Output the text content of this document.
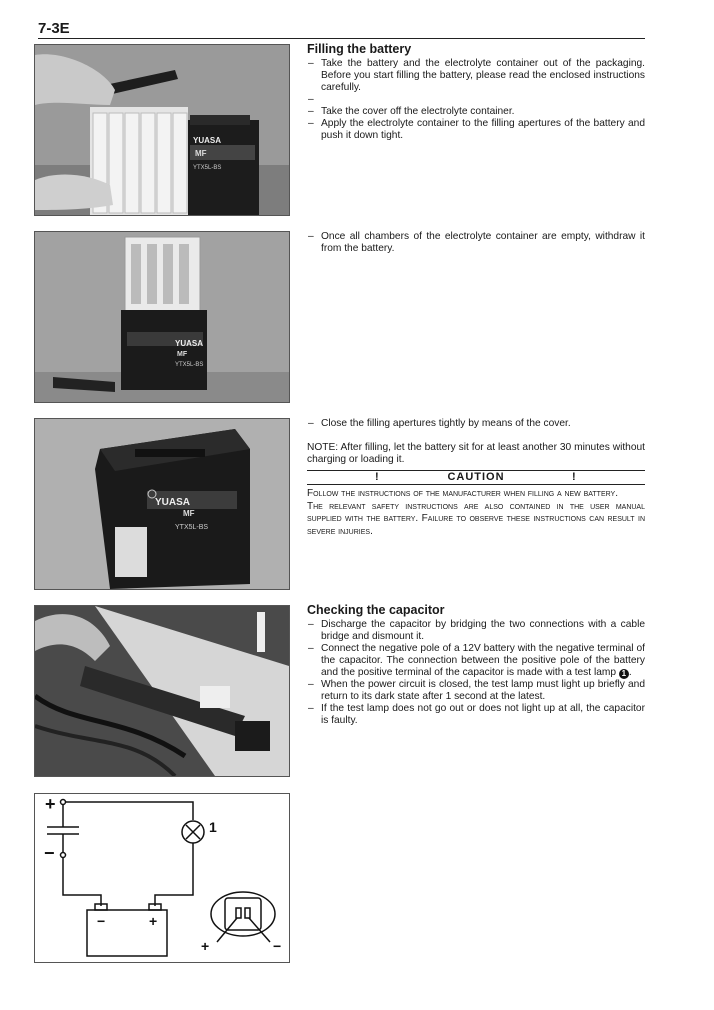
7-3E
YUASA
MF
YTX5L-BS
YUASA
MF
YTX5L-BS
YUASA
MF
YTX5L-BS
+
−
1
−	+
+	−
Filling the battery
– Take the battery and the electrolyte container out of the packaging. Before you start filling the battery, please read the enclosed instructions carefully.
–
– Take the cover off the electrolyte container.
– Apply the electrolyte container to the filling apertures of the battery and push it down tight.
– Once all chambers of the electrolyte container are empty, withdraw it from the battery.
– Close the filling apertures tightly by means of the cover.
NOTE: After filling, let the battery sit for at least another 30 minutes without charging or loading it.
!	CAUTION	!

Follow the instructions of the manufacturer when filling a new battery.

The relevant safety instructions are also contained in the user manual supplied with the battery. Failure to observe these instructions can result in severe injuries.

Checking the capacitor
– Discharge the capacitor by bridging the two connections with a cable bridge and dismount it.
– Connect the negative pole of a 12V battery with the negative terminal of the capacitor. The connection between the positive pole of the battery and the positive terminal of the capacitor is made with a test lamp 1 .
– When the power circuit is closed, the test lamp must light up briefly and return to its dark state after 1 second at the latest.
– If the test lamp does not go out or does not light up at all, the capacitor is faulty.
